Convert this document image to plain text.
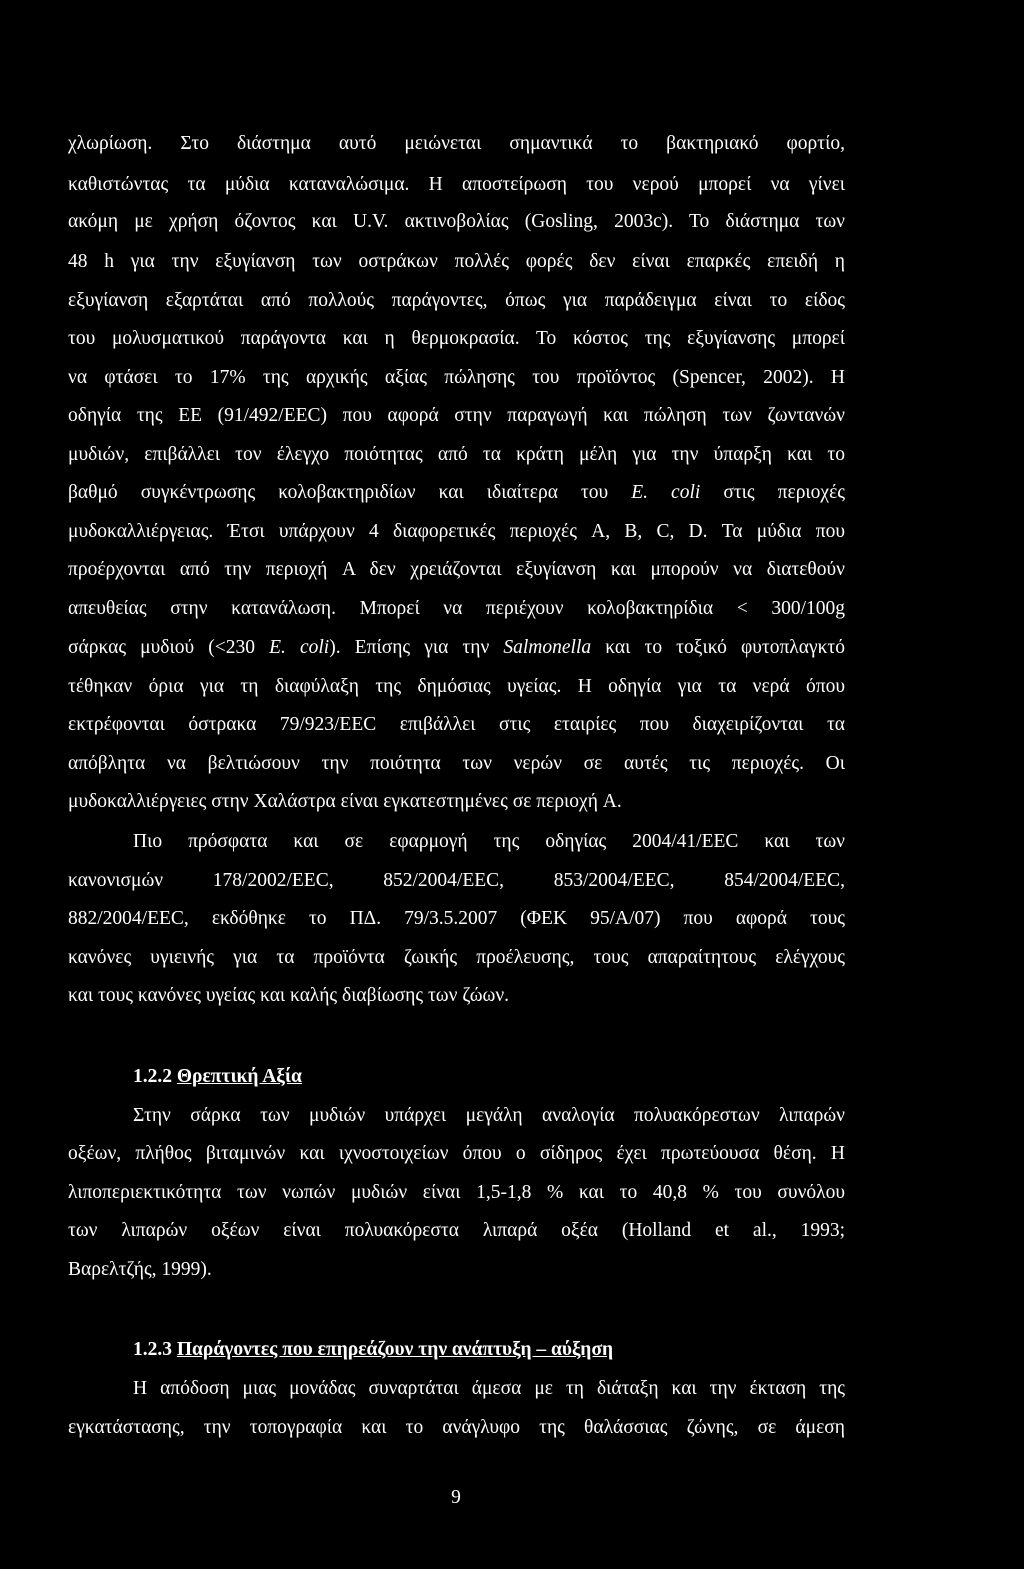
χλωρίωση. Στο διάστημα αυτό μειώνεται σημαντικά το βακτηριακό φορτίο,
καθιστώντας τα μύδια καταναλώσιμα. Η αποστείρωση του νερού μπορεί να γίνει
ακόμη με χρήση όζοντος και U.V. ακτινοβολίας (Gosling, 2003c). Το διάστημα των
48 h για την εξυγίανση των οστράκων πολλές φορές δεν είναι επαρκές επειδή η
εξυγίανση εξαρτάται από πολλούς παράγοντες, όπως για παράδειγμα είναι το είδος
του μολυσματικού παράγοντα και η θερμοκρασία. Το κόστος της εξυγίανσης μπορεί
να φτάσει το 17% της αρχικής αξίας πώλησης του προϊόντος (Spencer, 2002). Η
οδηγία της ΕΕ (91/492/ΕΕC) που αφορά στην παραγωγή και πώληση των ζωντανών
μυδιών, επιβάλλει τον έλεγχο ποιότητας από τα κράτη μέλη για την ύπαρξη και το
βαθμό συγκέντρωσης κολοβακτηριδίων και ιδιαίτερα του E. coli στις περιοχές
μυδοκαλλιέργειας. Έτσι υπάρχουν 4 διαφορετικές περιοχές A, B, C, D. Τα μύδια που
προέρχονται από την περιοχή A δεν χρειάζονται εξυγίανση και μπορούν να διατεθούν
απευθείας στην κατανάλωση. Μπορεί να περιέχουν κολοβακτηρίδια < 300/100g
σάρκας μυδιού (<230 E. coli). Επίσης για την Salmonella και το τοξικό φυτοπλαγκτό
τέθηκαν όρια για τη διαφύλαξη της δημόσιας υγείας. Η οδηγία για τα νερά όπου
εκτρέφονται όστρακα 79/923/ΕΕC επιβάλλει στις εταιρίες που διαχειρίζονται τα
απόβλητα να βελτιώσουν την ποιότητα των νερών σε αυτές τις περιοχές. Οι
μυδοκαλλιέργειες στην Χαλάστρα είναι εγκατεστημένες σε περιοχή A.
Πιο πρόσφατα και σε εφαρμογή της οδηγίας 2004/41/ΕΕC και των
κανονισμών 178/2002/ΕΕC, 852/2004/ΕΕC, 853/2004/ΕΕC, 854/2004/ΕΕC,
882/2004/ΕΕC, εκδόθηκε το ΠΔ. 79/3.5.2007 (ΦΕΚ 95/Α/07) που αφορά τους
κανόνες υγιεινής για τα προϊόντα ζωικής προέλευσης, τους απαραίτητους ελέγχους
και τους κανόνες υγείας και καλής διαβίωσης των ζώων.
1.2.2 Θρεπτική Αξία
Στην σάρκα των μυδιών υπάρχει μεγάλη αναλογία πολυακόρεστων λιπαρών
οξέων, πλήθος βιταμινών και ιχνοστοιχείων όπου ο σίδηρος έχει πρωτεύουσα θέση. Η
λιποπεριεκτικότητα των νωπών μυδιών είναι 1,5-1,8 % και το 40,8 % του συνόλου
των λιπαρών οξέων είναι πολυακόρεστα λιπαρά οξέα (Holland et al., 1993;
Βαρελτζής, 1999).
1.2.3 Παράγοντες που επηρεάζουν την ανάπτυξη – αύξηση
Η απόδοση μιας μονάδας συναρτάται άμεσα με τη διάταξη και την έκταση της
εγκατάστασης, την τοπογραφία και το ανάγλυφο της θαλάσσιας ζώνης, σε άμεση
9
